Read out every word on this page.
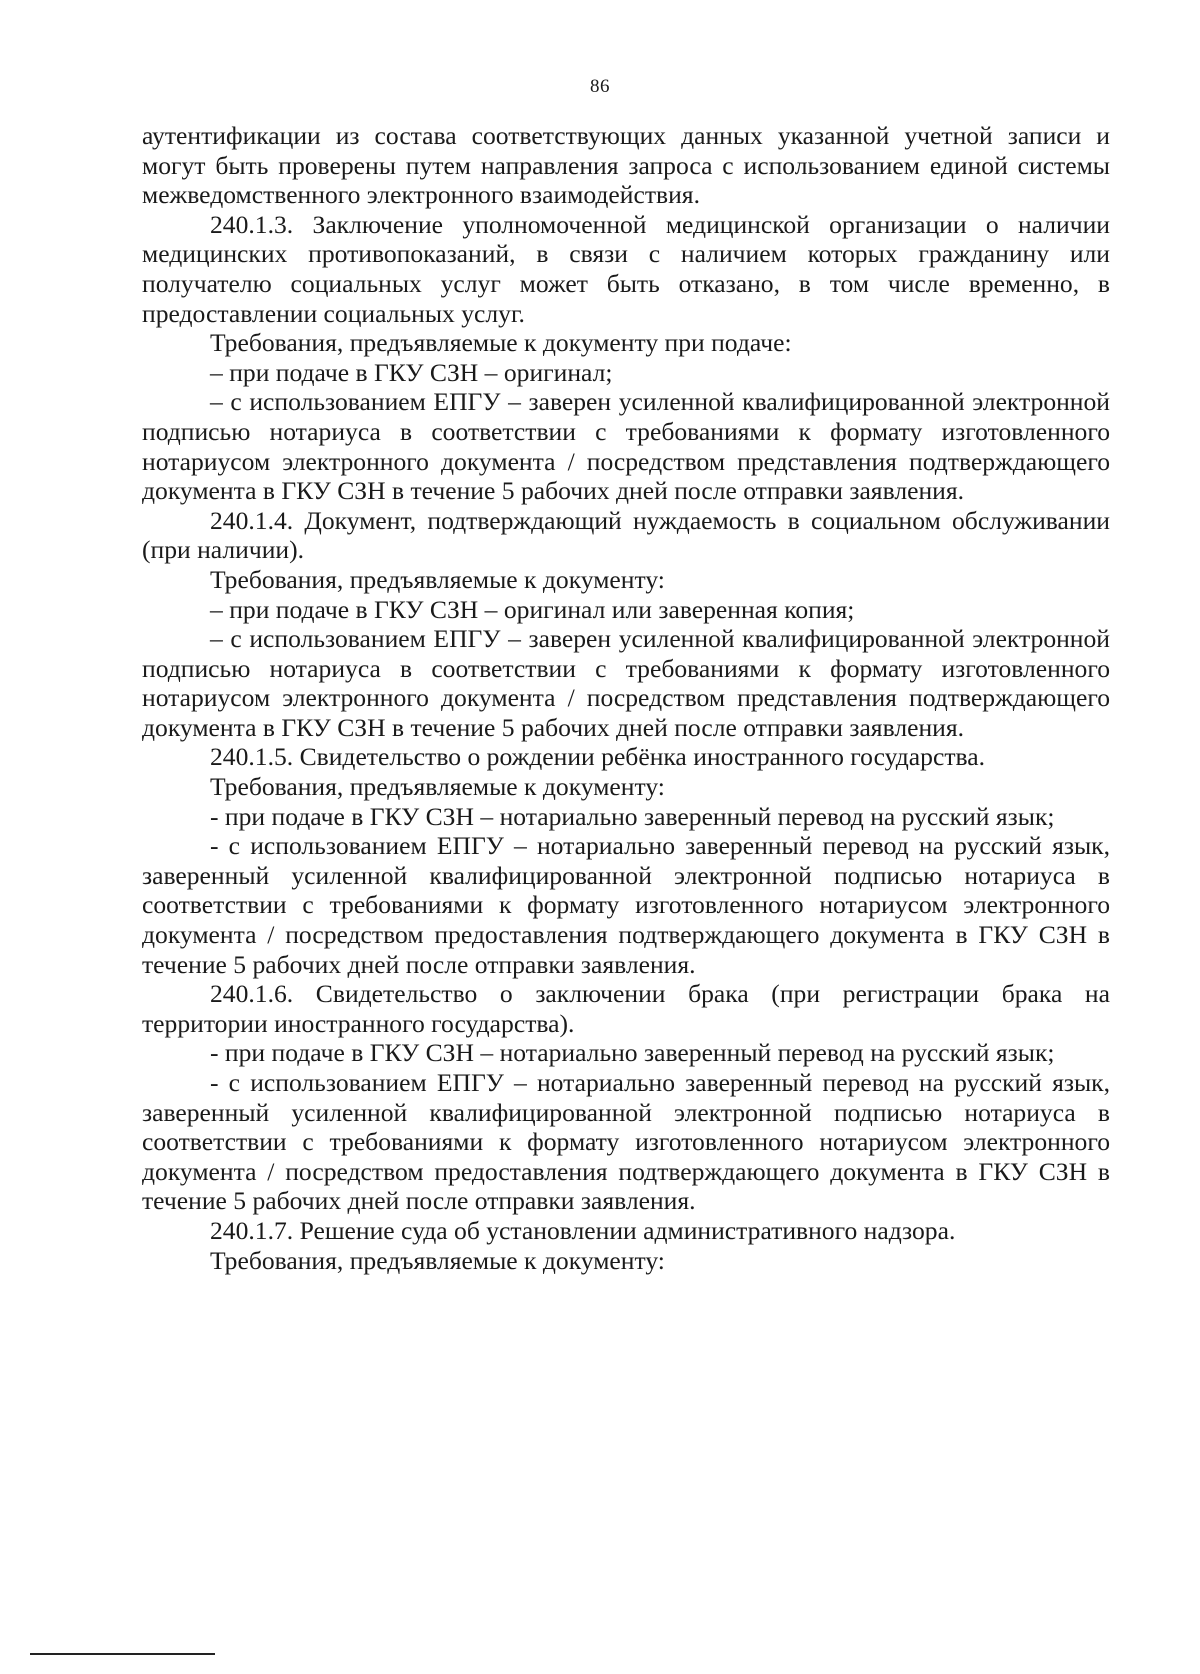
86

аутентификации из состава соответствующих данных указанной учетной записи и могут быть проверены путем направления запроса с использованием единой системы межведомственного электронного взаимодействия.

240.1.3. Заключение уполномоченной медицинской организации о наличии медицинских противопоказаний, в связи с наличием которых гражданину или получателю социальных услуг может быть отказано, в том числе временно, в предоставлении социальных услуг.

Требования, предъявляемые к документу при подаче:

– при подаче в ГКУ СЗН – оригинал;

– с использованием ЕПГУ – заверен усиленной квалифицированной электронной подписью нотариуса в соответствии с требованиями к формату изготовленного нотариусом электронного документа / посредством представления подтверждающего документа в ГКУ СЗН в течение 5 рабочих дней после отправки заявления.

240.1.4. Документ, подтверждающий нуждаемость в социальном обслуживании (при наличии).

Требования, предъявляемые к документу:

– при подаче в ГКУ СЗН – оригинал или заверенная копия;

– с использованием ЕПГУ – заверен усиленной квалифицированной электронной подписью нотариуса в соответствии с требованиями к формату изготовленного нотариусом электронного документа / посредством представления подтверждающего документа в ГКУ СЗН в течение 5 рабочих дней после отправки заявления.

240.1.5. Свидетельство о рождении ребёнка иностранного государства.

Требования, предъявляемые к документу:

- при подаче в ГКУ СЗН – нотариально заверенный перевод на русский язык;

- с использованием ЕПГУ – нотариально заверенный перевод на русский язык, заверенный усиленной квалифицированной электронной подписью нотариуса в соответствии с требованиями к формату изготовленного нотариусом электронного документа / посредством предоставления подтверждающего документа в ГКУ СЗН в течение 5 рабочих дней после отправки заявления.

240.1.6. Свидетельство о заключении брака (при регистрации брака на территории иностранного государства).

- при подаче в ГКУ СЗН – нотариально заверенный перевод на русский язык;

- с использованием ЕПГУ – нотариально заверенный перевод на русский язык, заверенный усиленной квалифицированной электронной подписью нотариуса в соответствии с требованиями к формату изготовленного нотариусом электронного документа / посредством предоставления подтверждающего документа в ГКУ СЗН в течение 5 рабочих дней после отправки заявления.

240.1.7. Решение суда об установлении административного надзора.

Требования, предъявляемые к документу:
